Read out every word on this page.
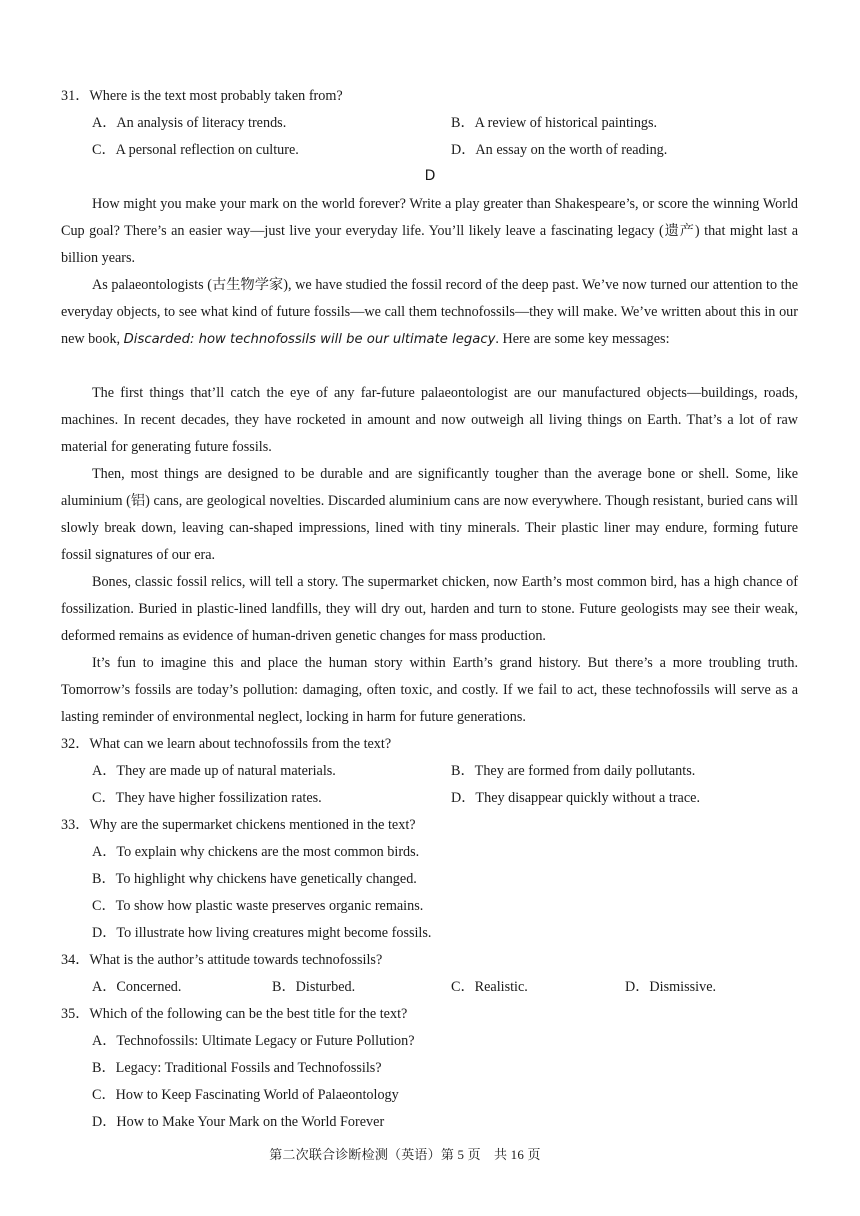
31．Where is the text most probably taken from?
A．An analysis of literacy trends.	B．A review of historical paintings.
C．A personal reflection on culture.	D．An essay on the worth of reading.
D
How might you make your mark on the world forever? Write a play greater than Shakespeare’s, or score the winning World Cup goal? There’s an easier way—just live your everyday life. You’ll likely leave a fascinating legacy (遗产) that might last a billion years.
As palaeontologists (古生物学家), we have studied the fossil record of the deep past. We’ve now turned our attention to the everyday objects, to see what kind of future fossils—we call them technofossils—they will make. We’ve written about this in our new book, Discarded: how technofossils will be our ultimate legacy. Here are some key messages:
The first things that’ll catch the eye of any far-future palaeontologist are our manufactured objects—buildings, roads, machines. In recent decades, they have rocketed in amount and now outweigh all living things on Earth. That’s a lot of raw material for generating future fossils.
Then, most things are designed to be durable and are significantly tougher than the average bone or shell. Some, like aluminium (铝) cans, are geological novelties. Discarded aluminium cans are now everywhere. Though resistant, buried cans will slowly break down, leaving can-shaped impressions, lined with tiny minerals. Their plastic liner may endure, forming future fossil signatures of our era.
Bones, classic fossil relics, will tell a story. The supermarket chicken, now Earth’s most common bird, has a high chance of fossilization. Buried in plastic-lined landfills, they will dry out, harden and turn to stone. Future geologists may see their weak, deformed remains as evidence of human-driven genetic changes for mass production.
It’s fun to imagine this and place the human story within Earth’s grand history. But there’s a more troubling truth. Tomorrow’s fossils are today’s pollution: damaging, often toxic, and costly. If we fail to act, these technofossils will serve as a lasting reminder of environmental neglect, locking in harm for future generations.
32．What can we learn about technofossils from the text?
A．They are made up of natural materials.	B．They are formed from daily pollutants.
C．They have higher fossilization rates.	D．They disappear quickly without a trace.
33．Why are the supermarket chickens mentioned in the text?
A．To explain why chickens are the most common birds.
B．To highlight why chickens have genetically changed.
C．To show how plastic waste preserves organic remains.
D．To illustrate how living creatures might become fossils.
34．What is the author’s attitude towards technofossils?
A．Concerned.	B．Disturbed.	C．Realistic.	D．Dismissive.
35．Which of the following can be the best title for the text?
A．Technofossils: Ultimate Legacy or Future Pollution?
B．Legacy: Traditional Fossils and Technofossils?
C．How to Keep Fascinating World of Palaeontology
D．How to Make Your Mark on the World Forever
第二次联合诊断检测（英语）第 5 页　共 16 页
